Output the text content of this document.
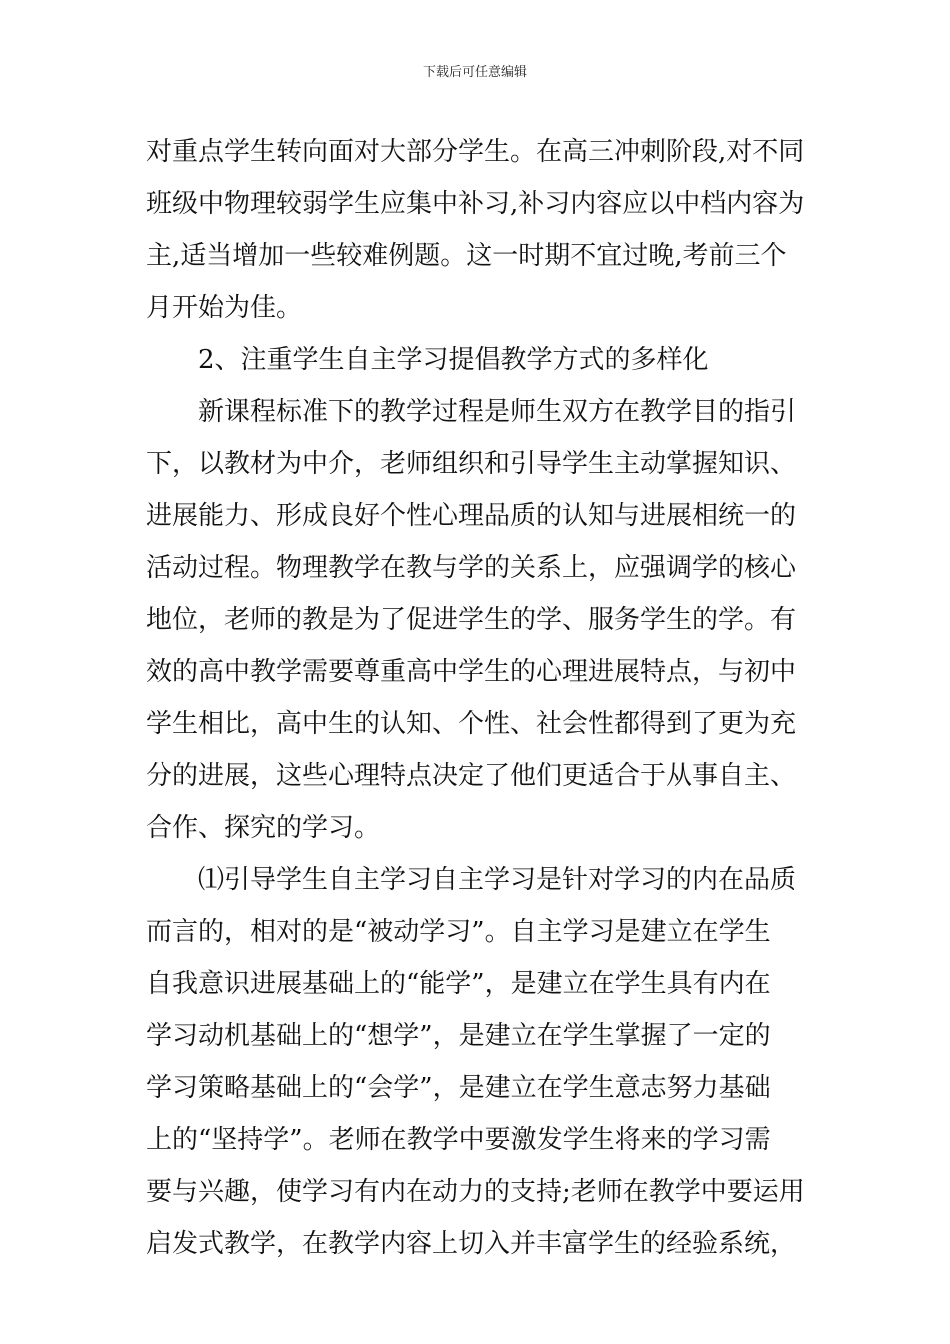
下载后可任意编辑
对重点学生转向面对大部分学生。在高三冲刺阶段,对不同
班级中物理较弱学生应集中补习,补习内容应以中档内容为
主,适当增加一些较难例题。这一时期不宜过晚,考前三个
月开始为佳。
2、注重学生自主学习提倡教学方式的多样化
新课程标准下的教学过程是师生双方在教学目的指引
下，以教材为中介，老师组织和引导学生主动掌握知识、
进展能力、形成良好个性心理品质的认知与进展相统一的
活动过程。物理教学在教与学的关系上，应强调学的核心
地位，老师的教是为了促进学生的学、服务学生的学。有
效的高中教学需要尊重高中学生的心理进展特点，与初中
学生相比，高中生的认知、个性、社会性都得到了更为充
分的进展，这些心理特点决定了他们更适合于从事自主、
合作、探究的学习。
⑴引导学生自主学习自主学习是针对学习的内在品质
而言的，相对的是“被动学习”。自主学习是建立在学生
自我意识进展基础上的“能学”，是建立在学生具有内在
学习动机基础上的“想学”，是建立在学生掌握了一定的
学习策略基础上的“会学”，是建立在学生意志努力基础
上的“坚持学”。老师在教学中要激发学生将来的学习需
要与兴趣，使学习有内在动力的支持;老师在教学中要运用
启发式教学，在教学内容上切入并丰富学生的经验系统，
